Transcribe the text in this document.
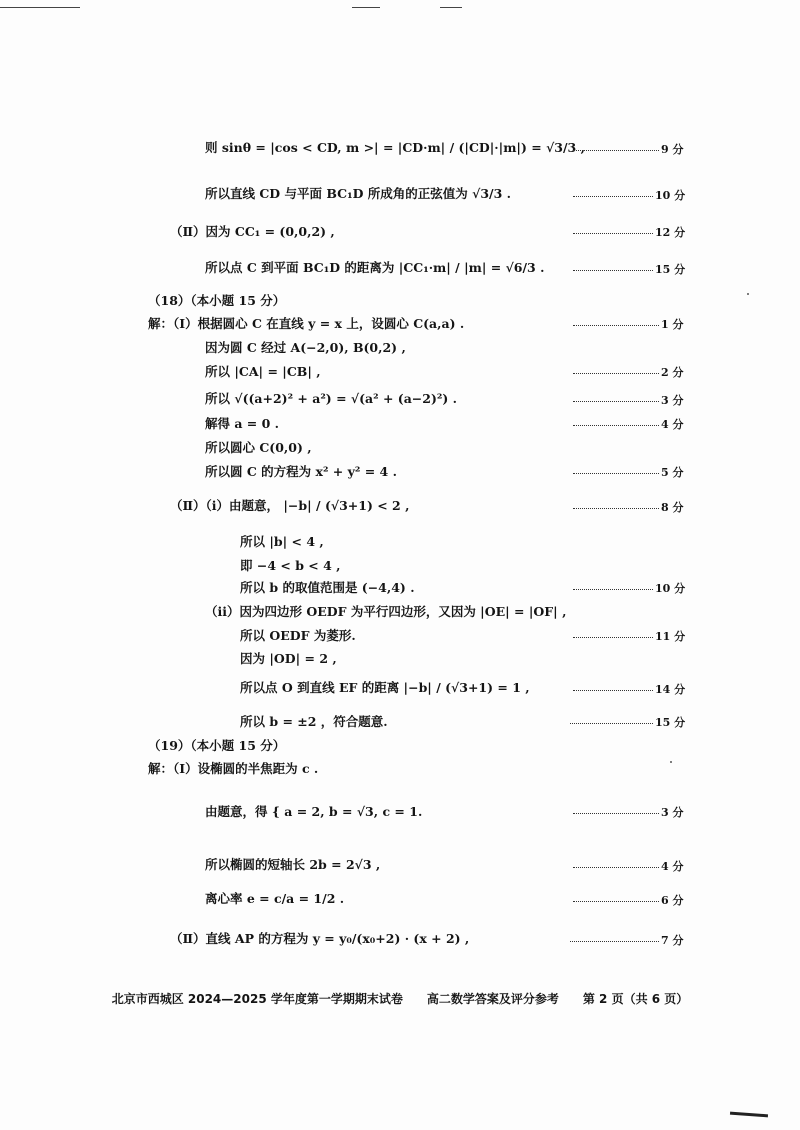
则 sinθ = |cos < CD, m >| = |CD·m| / (|CD|·|m|) = √3/3 ,
所以直线 CD 与平面 BC₁D 所成角的正弦值为 √3/3 .
（Ⅱ）因为 CC₁ = (0,0,2) ,
所以点 C 到平面 BC₁D 的距离为 |CC₁·m| / |m| = √6/3 .
（18）（本小题 15 分）
解：（Ⅰ）根据圆心 C 在直线 y = x 上，设圆心 C(a,a) .
因为圆 C 经过 A(−2,0), B(0,2) ,
所以 |CA| = |CB| ,
所以 √((a+2)² + a²) = √(a² + (a−2)²) .
解得 a = 0 .
所以圆心 C(0,0) ,
所以圆 C 的方程为 x² + y² = 4 .
（Ⅱ）（ⅰ）由题意， |−b| / (√3+1) < 2 ,
所以 |b| < 4 ,
即 −4 < b < 4 ,
所以 b 的取值范围是 (−4,4) .
（ⅱ）因为四边形 OEDF 为平行四边形，又因为 |OE| = |OF| ,
所以 OEDF 为菱形.
因为 |OD| = 2 ,
所以点 O 到直线 EF 的距离 |−b| / (√3+1) = 1 ,
所以 b = ±2 ，符合题意.
（19）（本小题 15 分）
解：（Ⅰ）设椭圆的半焦距为 c .
由题意，得 { a = 2, b = √3, c = 1.
所以椭圆的短轴长 2b = 2√3 ,
离心率 e = c/a = 1/2 .
（Ⅱ）直线 AP 的方程为 y = y₀/(x₀+2) · (x + 2) ,
9 分
10 分
12 分
15 分
1 分
2 分
3 分
4 分
5 分
8 分
10 分
11 分
14 分
15 分
3 分
4 分
6 分
7 分
北京市西城区 2024—2025 学年度第一学期期末试卷　　高二数学答案及评分参考　　第 2 页（共 6 页）
